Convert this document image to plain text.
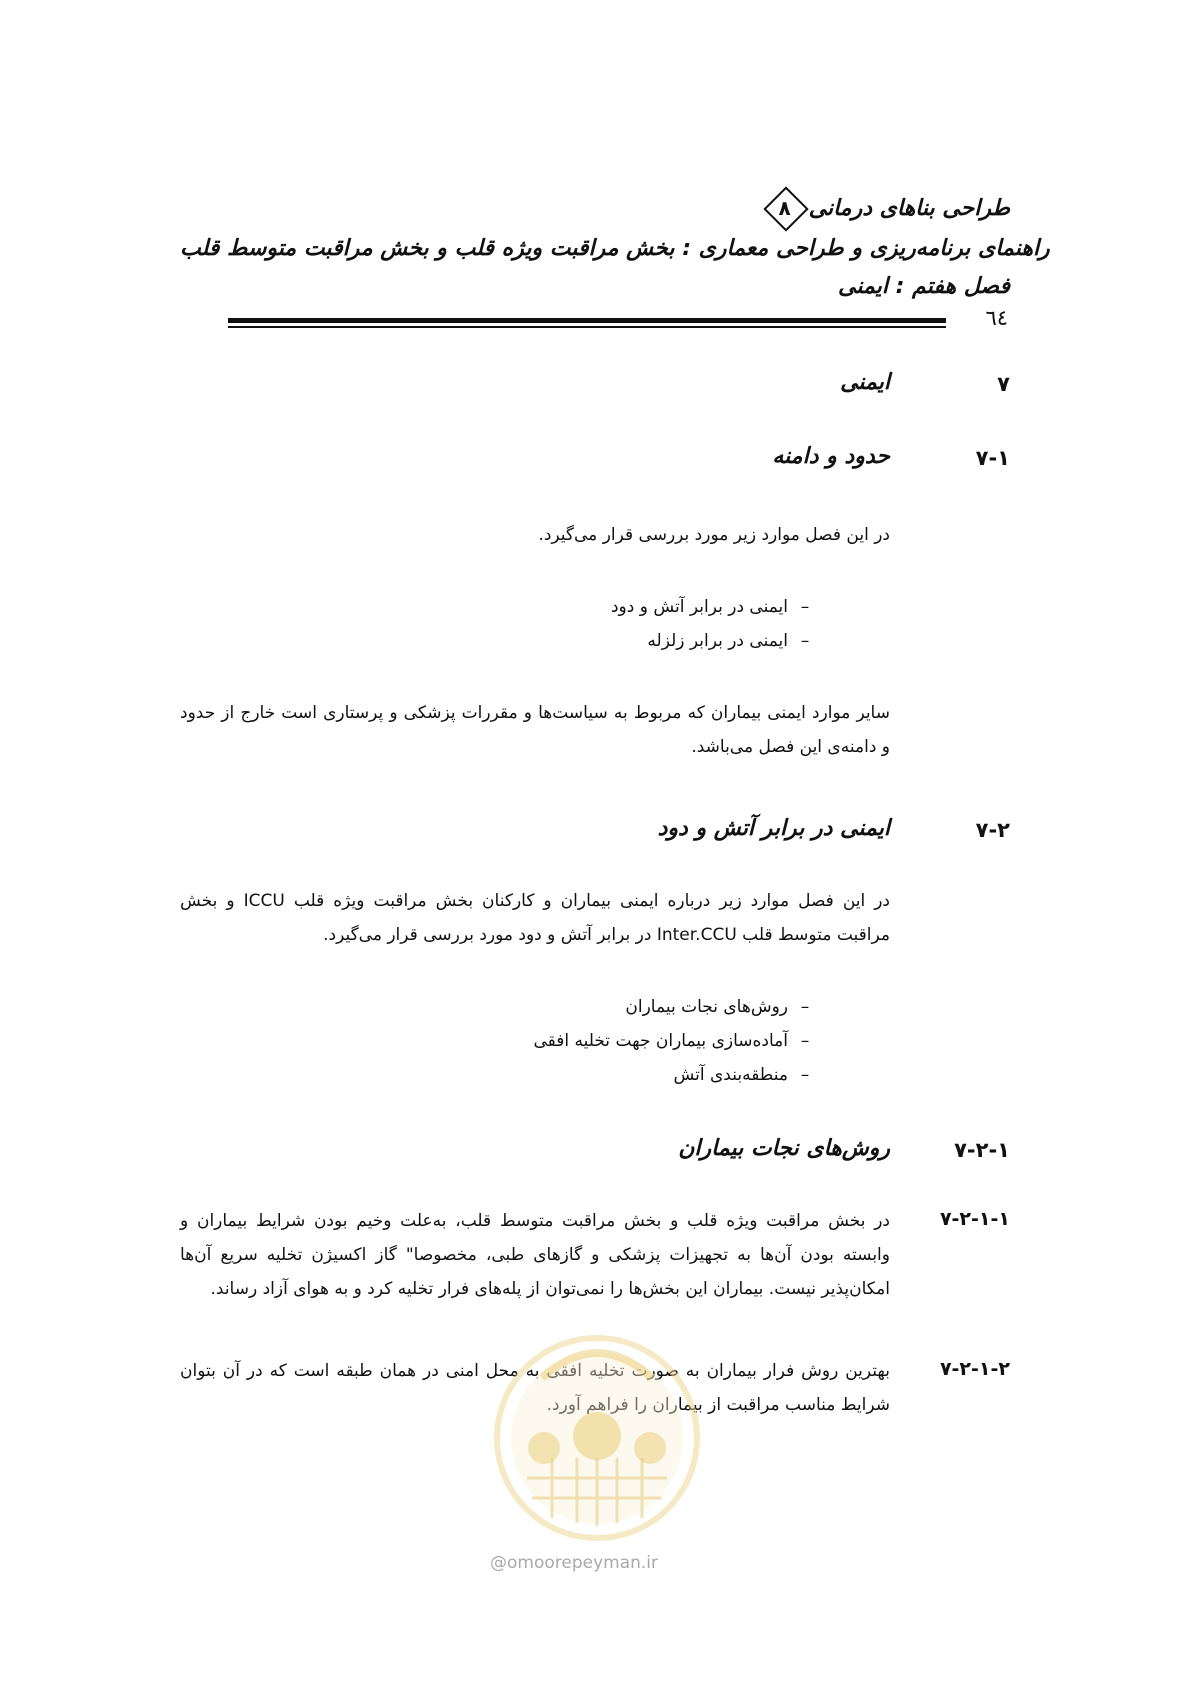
طراحی بناهای درمانی
۸
راهنمای برنامه‌ریزی و طراحی معماری : بخش مراقبت ویژه قلب و بخش مراقبت متوسط قلب
فصل هفتم : ایمنی
٦٤
۷
ایمنی
۷-۱
حدود و دامنه
در این فصل موارد زیر مورد بررسی قرار می‌گیرد.
–
ایمنی در برابر آتش و دود
–
ایمنی در برابر زلزله
سایر موارد ایمنی بیماران که مربوط به سیاست‌ها و مقررات پزشکی و پرستاری است خارج از حدود و دامنه‌ی این فصل می‌باشد.
۷-۲
ایمنی در برابر آتش و دود
در این فصل موارد زیر درباره ایمنی بیماران و کارکنان بخش مراقبت ویژه قلب ICCU و بخش مراقبت متوسط قلب Inter.CCU در برابر آتش و دود مورد بررسی قرار می‌گیرد.
–
روش‌های نجات بیماران
–
آماده‌سازی بیماران جهت تخلیه افقی
–
منطقه‌بندی آتش
۷-۲-۱
روش‌های نجات بیماران
۷-۲-۱-۱
در بخش مراقبت ویژه قلب و بخش مراقبت متوسط قلب، به‌علت وخیم بودن شرایط بیماران و وابسته بودن آن‌ها به تجهیزات پزشکی و گازهای طبی، مخصوصا" گاز اکسیژن تخلیه سریع آن‌ها امکان‌پذیر نیست. بیماران این بخش‌ها را نمی‌توان از پله‌های فرار تخلیه کرد و به هوای آزاد رساند.
۷-۲-۱-۲
بهترین روش فرار بیماران به صورت تخلیه افقی به محل امنی در همان طبقه است که در آن بتوان شرایط مناسب مراقبت از بیماران را فراهم آورد.
@omoorepeyman.ir
